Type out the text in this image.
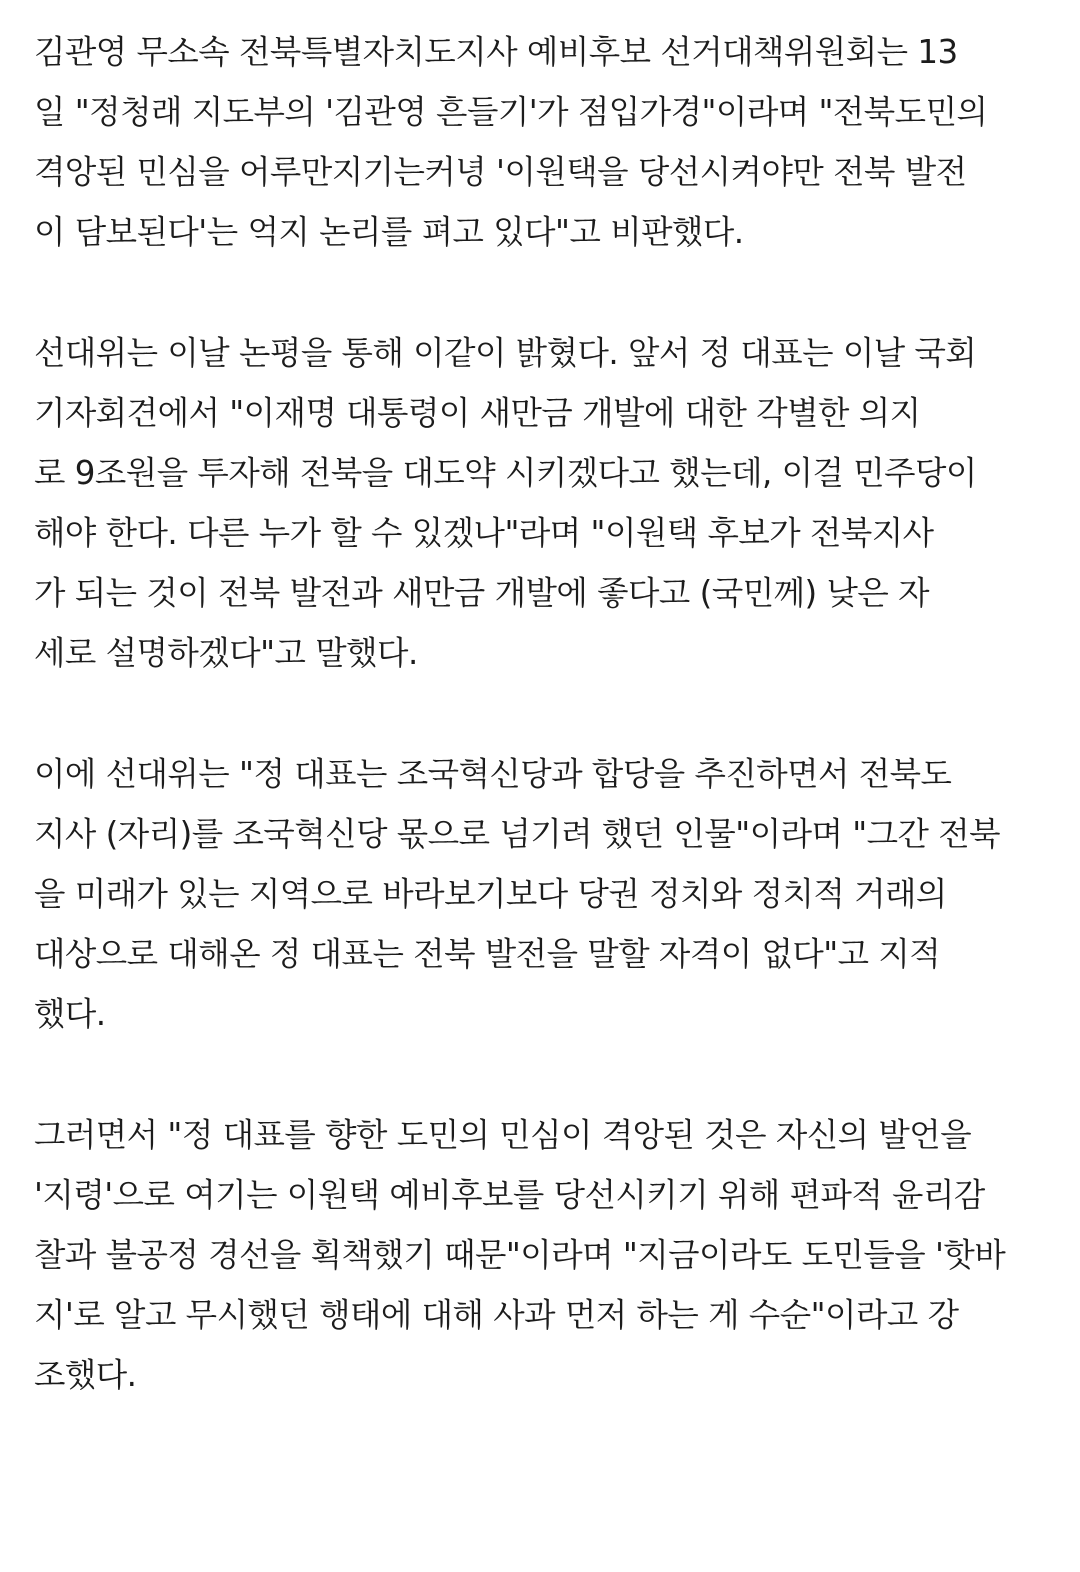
김관영 무소속 전북특별자치도지사 예비후보 선거대책위원회는 13
일 "정청래 지도부의 '김관영 흔들기'가 점입가경"이라며 "전북도민의
격앙된 민심을 어루만지기는커녕 '이원택을 당선시켜야만 전북 발전
이 담보된다'는 억지 논리를 펴고 있다"고 비판했다.

선대위는 이날 논평을 통해 이같이 밝혔다. 앞서 정 대표는 이날 국회
기자회견에서 "이재명 대통령이 새만금 개발에 대한 각별한 의지
로 9조원을 투자해 전북을 대도약 시키겠다고 했는데, 이걸 민주당이
해야 한다. 다른 누가 할 수 있겠나"라며 "이원택 후보가 전북지사
가 되는 것이 전북 발전과 새만금 개발에 좋다고 (국민께) 낮은 자
세로 설명하겠다"고 말했다.

이에 선대위는 "정 대표는 조국혁신당과 합당을 추진하면서 전북도
지사 (자리)를 조국혁신당 몫으로 넘기려 했던 인물"이라며 "그간 전북
을 미래가 있는 지역으로 바라보기보다 당권 정치와 정치적 거래의
대상으로 대해온 정 대표는 전북 발전을 말할 자격이 없다"고 지적
했다.

그러면서 "정 대표를 향한 도민의 민심이 격앙된 것은 자신의 발언을
'지령'으로 여기는 이원택 예비후보를 당선시키기 위해 편파적 윤리감
찰과 불공정 경선을 획책했기 때문"이라며 "지금이라도 도민들을 '핫바
지'로 알고 무시했던 행태에 대해 사과 먼저 하는 게 수순"이라고 강
조했다.
